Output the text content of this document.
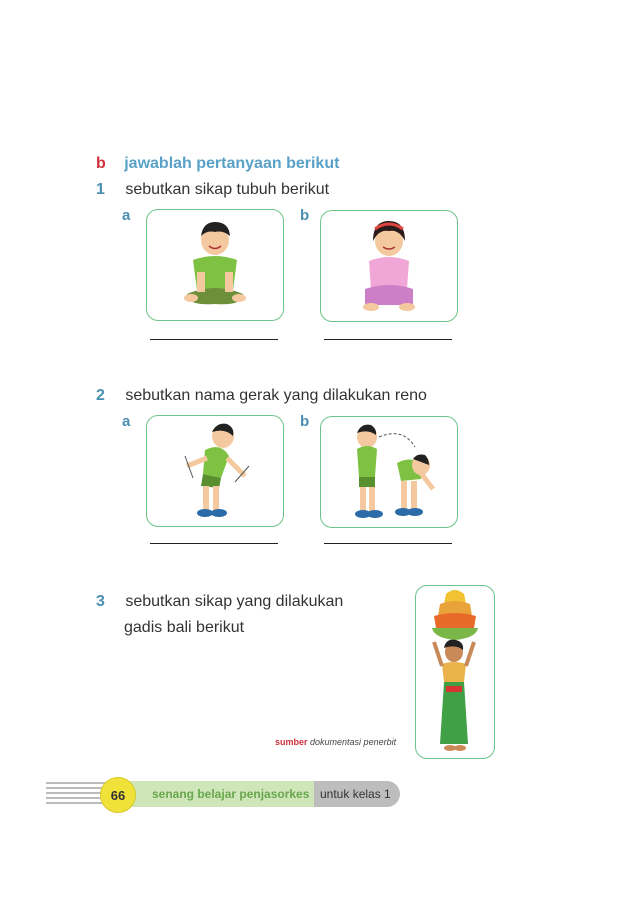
b jawablah pertanyaan berikut
1 sebutkan sikap tubuh berikut
a	b
2 sebutkan nama gerak yang dilakukan reno
a	b
3 sebutkan sikap yang dilakukan
gadis bali berikut
sumber dokumentasi penerbit
66 senang belajar penjasorkes untuk kelas 1
